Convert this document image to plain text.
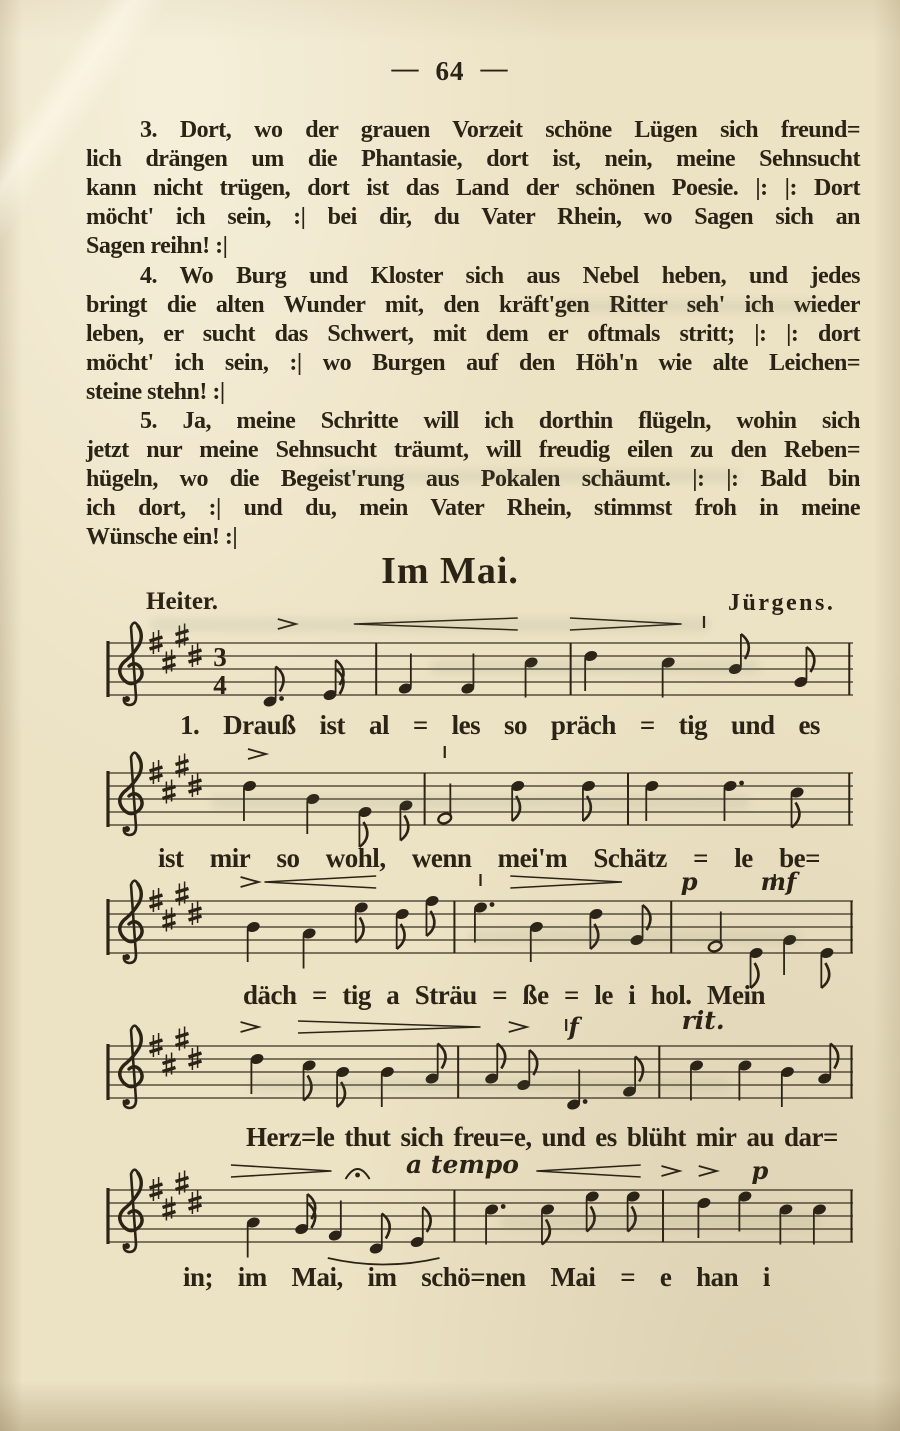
— 64 —
3. Dort, wo der grauen Vorzeit schöne Lügen sich freund=
lich drängen um die Phantasie, dort ist, nein, meine Sehnsucht
kann nicht trügen, dort ist das Land der schönen Poesie. |: |: Dort
möcht' ich sein, :| bei dir, du Vater Rhein, wo Sagen sich an
Sagen reihn! :|
4. Wo Burg und Kloster sich aus Nebel heben, und jedes
bringt die alten Wunder mit, den kräft'gen Ritter seh' ich wieder
leben, er sucht das Schwert, mit dem er oftmals stritt; |: |: dort
möcht' ich sein, :| wo Burgen auf den Höh'n wie alte Leichen=
steine stehn! :|
5. Ja, meine Schritte will ich dorthin flügeln, wohin sich
jetzt nur meine Sehnsucht träumt, will freudig eilen zu den Reben=
hügeln, wo die Begeist'rung aus Pokalen schäumt. |: |: Bald bin
ich dort, :| und du, mein Vater Rhein, stimmst froh in meine
Wünsche ein! :|
Heiter.
Im Mai.
Jürgens.
3
4
p	mf
f	rit.
p
a tempo
1. Drauß ist al = les so präch = tig und es
ist mir so wohl, wenn mei'm Schätz = le be=
däch = tig a Sträu = ße = le i hol. Mein
Herz=le thut sich freu=e, und es blüht mir au dar=
in; im Mai, im schö=nen Mai = e han i
